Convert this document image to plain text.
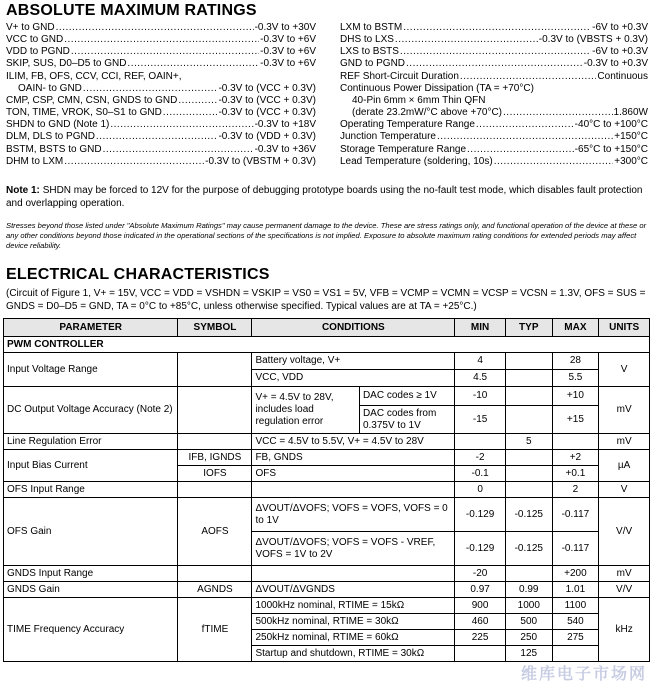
ABSOLUTE MAXIMUM RATINGS
V+ to GND .....	-0.3V to +30V
VCC to GND .....	-0.3V to +6V
VDD to PGND .....	-0.3V to +6V
SKIP, SUS, D0–D5 to GND .....	-0.3V to +6V
ILIM, FB, OFS, CCV, CCI, REF, OAIN+,
OAIN- to GND .....	-0.3V to (VCC + 0.3V)
CMP, CSP, CMN, CSN, GNDS to GND .....	-0.3V to (VCC + 0.3V)
TON, TIME, VROK, S0–S1 to GND .....	-0.3V to (VCC + 0.3V)
SHDN to GND (Note 1) .....	-0.3V to +18V
DLM, DLS to PGND .....	-0.3V to (VDD + 0.3V)
BSTM, BSTS to GND .....	-0.3V to +36V
DHM to LXM .....	-0.3V to (VBSTM + 0.3V)
LXM to BSTM .....	-6V to +0.3V
DHS to LXS .....	-0.3V to (VBSTS + 0.3V)
LXS to BSTS .....	-6V to +0.3V
GND to PGND .....	-0.3V to +0.3V
REF Short-Circuit Duration .....	Continuous
Continuous Power Dissipation (TA = +70°C)
40-Pin 6mm × 6mm Thin QFN
(derate 23.2mW/°C above +70°C) .....	1.860W
Operating Temperature Range .....	-40°C to +100°C
Junction Temperature .....	+150°C
Storage Temperature Range .....	-65°C to +150°C
Lead Temperature (soldering, 10s) .....	+300°C
Note 1: SHDN may be forced to 12V for the purpose of debugging prototype boards using the no-fault test mode, which disables fault protection and overlapping operation.
Stresses beyond those listed under "Absolute Maximum Ratings" may cause permanent damage to the device. These are stress ratings only, and functional operation of the device at these or any other conditions beyond those indicated in the operational sections of the specifications is not implied. Exposure to absolute maximum rating conditions for extended periods may affect device reliability.
ELECTRICAL CHARACTERISTICS
(Circuit of Figure 1, V+ = 15V, VCC = VDD = VSHDN = VSKIP = VS0 = VS1 = 5V, VFB = VCMP = VCMN = VCSP = VCSN = 1.3V, OFS = SUS = GNDS = D0–D5 = GND, TA = 0°C to +85°C, unless otherwise specified. Typical values are at TA = +25°C.)
PARAMETER	SYMBOL	CONDITIONS		MIN	TYP	MAX	UNITS
PWM CONTROLLER							
Input Voltage Range		Battery voltage, V+		4		28	V
		VCC, VDD		4.5		5.5	
DC Output Voltage Accuracy (Note 2)		V+ = 4.5V to 28V, includes load regulation error	DAC codes ≥ 1V	-10		+10	mV
			DAC codes from 0.375V to 1V	-15		+15	
Line Regulation Error		VCC = 4.5V to 5.5V, V+ = 4.5V to 28V			5		mV
Input Bias Current	IFB, IGNDS	FB, GNDS		-2		+2	µA
	IOFS	OFS		-0.1		+0.1	
OFS Input Range				0		2	V
OFS Gain	AOFS	ΔVOUT/ΔVOFS; VOFS = VOFS, VOFS = 0 to 1V		-0.129	-0.125	-0.117	V/V
		ΔVOUT/ΔVOFS; VOFS = VOFS - VREF, VOFS = 1V to 2V		-0.129	-0.125	-0.117	
GNDS Input Range				-20		+200	mV
GNDS Gain	AGNDS	ΔVOUT/ΔVGNDS		0.97	0.99	1.01	V/V
TIME Frequency Accuracy	fTIME	1000kHz nominal, RTIME = 15kΩ		900	1000	1100	kHz
		500kHz nominal, RTIME = 30kΩ		460	500	540	
		250kHz nominal, RTIME = 60kΩ		225	250	275	
		Startup and shutdown, RTIME = 30kΩ			125		
维库电子市场网
